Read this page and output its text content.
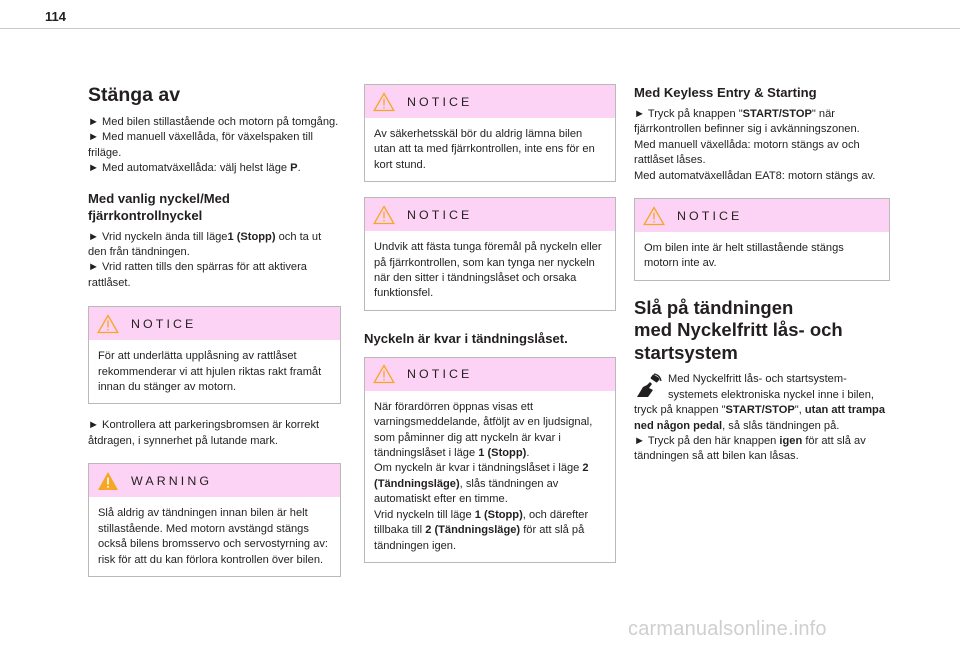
114
Stänga av

► Med bilen stillastående och motorn på tomgång.

► Med manuell växellåda, för växelspaken till friläge.

► Med automatväxellåda: välj helst läge P.

Med vanlig nyckel/Med fjärrkontrollnyckel

► Vrid nyckeln ända till läge1 (Stopp) och ta ut den från tändningen.

► Vrid ratten tills den spärras för att aktivera rattlåset.

NOTICE

För att underlätta upplåsning av rattlåset rekommenderar vi att hjulen riktas rakt framåt innan du stänger av motorn.

► Kontrollera att parkeringsbromsen är korrekt åtdragen, i synnerhet på lutande mark.

WARNING

Slå aldrig av tändningen innan bilen är helt stillastående. Med motorn avstängd stängs också bilens bromsservo och servostyrning av: risk för att du kan förlora kontrollen över bilen.

NOTICE

Av säkerhetsskäl bör du aldrig lämna bilen utan att ta med fjärrkontrollen, inte ens för en kort stund.

NOTICE

Undvik att fästa tunga föremål på nyckeln eller på fjärrkontrollen, som kan tynga ner nyckeln när den sitter i tändningslåset och orsaka funktionsfel.

Nyckeln är kvar i tändningslåset.
NOTICE

När förardörren öppnas visas ett varningsmeddelande, åtföljt av en ljudsignal, som påminner dig att nyckeln är kvar i tändningslåset i läge 1 (Stopp).

Om nyckeln är kvar i tändningslåset i läge 2 (Tändningsläge), slås tändningen av automatiskt efter en timme.

Vrid nyckeln till läge 1 (Stopp), och därefter tillbaka till 2 (Tändningsläge) för att slå på tändningen igen.

Med Keyless Entry & Starting

► Tryck på knappen "START/STOP" när fjärrkontrollen befinner sig i avkänningszonen.

Med manuell växellåda: motorn stängs av och rattlåset låses.

Med automatväxellådan EAT8: motorn stängs av.

NOTICE

Om bilen inte är helt stillastående stängs motorn inte av.

Slå på tändningen
med Nyckelfritt lås- och
startsystem

Med Nyckelfritt lås- och startsystem-systemets elektroniska nyckel inne i bilen, tryck på knappen "START/STOP", utan att trampa ned någon pedal, så slås tändningen på.

► Tryck på den här knappen igen för att slå av tändningen så att bilen kan låsas.

carmanualsonline.info
